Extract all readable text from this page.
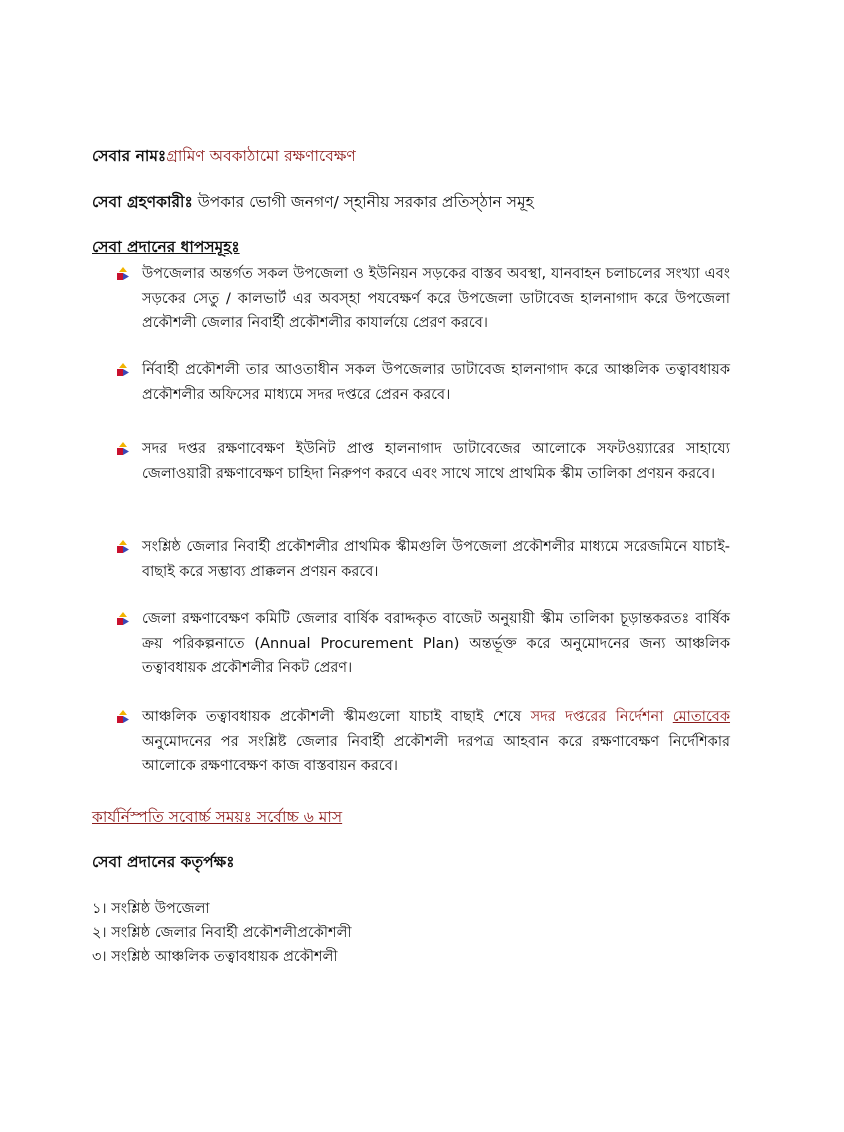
সেবার নামঃগ্রামিণ অবকাঠামো রক্ষণাবেক্ষণ
সেবা গ্রহণকারীঃ উপকার ভোগী জনগণ/ স্হানীয় সরকার প্রতিস্ঠান সমূহ
সেবা প্রদানের ধাপসমূহঃ
উপজেলার অন্তর্গত সকল উপজেলা ও ইউনিয়ন সড়কের বাস্তব অবস্থা, যানবাহন চলাচলের সংখ্যা এবং সড়কের সেতু / কালভার্ট এর অবস্হা পযবেক্ষর্ণ করে উপজেলা ডাটাবেজ হালনাগাদ করে উপজেলা প্রকৌশলী জেলার নিবার্হী প্রকৌশলীর কাযার্লয়ে প্রেরণ করবে।
র্নিবার্হী প্রকৌশলী তার আওতাধীন সকল উপজেলার ডাটাবেজ হালনাগাদ করে আঞ্চলিক তত্বাবধায়ক প্রকৌশলীর অফিসের মাধ্যমে সদর দপ্তরে প্রেরন করবে।
সদর দপ্তর রক্ষণাবেক্ষণ ইউনিট প্রাপ্ত হালনাগাদ ডাটাবেজের আলোকে সফটওয়্যারের সাহায্যে জেলাওয়ারী রক্ষণাবেক্ষণ চাহিদা নিরুপণ করবে এবং সাথে সাথে প্রাথমিক স্কীম তালিকা প্রণয়ন করবে।
সংশ্লিষ্ঠ জেলার নিবার্হী প্রকৌশলীর প্রাথমিক স্কীমগুলি উপজেলা প্রকৌশলীর মাধ্যমে সরেজমিনে যাচাই-বাছাই করে সম্ভাব্য প্রাক্কলন প্রণয়ন করবে।
জেলা রক্ষণাবেক্ষণ কমিটি জেলার বার্ষিক বরাদ্দকৃত বাজেট অনুয়ায়ী স্কীম তালিকা চূড়ান্তকরতঃ বার্ষিক ক্রয় পরিকল্পনাতে (Annual Procurement Plan) অন্তর্ভূক্ত করে অনুমোদনের জন্য আঞ্চলিক তত্বাবধায়ক প্রকৌশলীর নিকট প্রেরণ।
আঞ্চলিক তত্বাবধায়ক প্রকৌশলী স্কীমগুলো যাচাই বাছাই শেষে সদর দপ্তরের নির্দেশনা মোতাবেক অনুমোদনের পর সংশ্লিষ্ট জেলার নিবার্হী প্রকৌশলী দরপত্র আহবান করে রক্ষণাবেক্ষণ নির্দেশিকার আলোকে রক্ষণাবেক্ষণ কাজ বাস্তবায়ন করবে।
কার্যর্নিস্পতি সবোর্চ্চ সময়ঃ সর্বোচ্চ ৬ মাস
সেবা প্রদানের কতৃর্পক্ষঃ
১। সংশ্লিষ্ঠ উপজেলা
২। সংশ্লিষ্ঠ জেলার নিবার্হী প্রকৌশলীপ্রকৌশলী
৩। সংশ্লিষ্ঠ আঞ্চলিক তত্বাবধায়ক প্রকৌশলী
